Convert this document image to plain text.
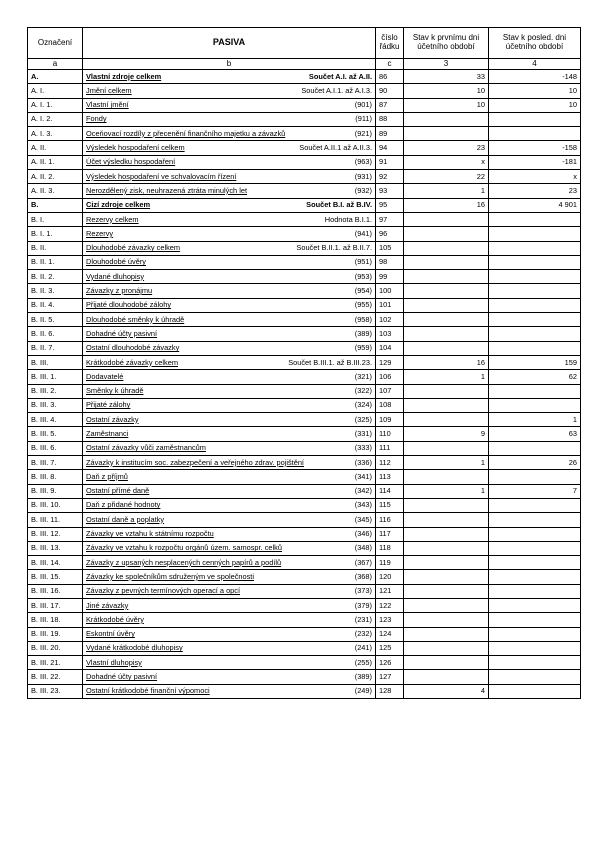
Označení	PASIVA	číslo řádku	Stav k prvnímu dni účetního období	Stav k posled. dni účetního období
a	b	c	3	4
A.	Vlastní zdroje celkem Součet A.I. až A.II.	86	33	-148
A. I.	Jmění celkem Součet A.I.1. až A.I.3.	90	10	10
A. I. 1.	Vlastní jmění (901)	87	10	10
A. I. 2.	Fondy (911)	88		
A. I. 3.	Oceňovací rozdíly z přecenění finančního majetku a závazků (921)	89		
A. II.	Výsledek hospodaření celkem Součet A.II.1 až A.II.3.	94	23	-158
A. II. 1.	Účet výsledku hospodaření (963)	91	x	-181
A. II. 2.	Výsledek hospodaření ve schvalovacím řízení (931)	92	22	x
A. II. 3.	Nerozdělený zisk, neuhrazená ztráta minulých let (932)	93	1	23
B.	Cizí zdroje celkem Součet B.I. až B.IV.	95	16	4 901
B. I.	Rezervy celkem Hodnota B.I.1.	97		
B. I. 1.	Rezervy (941)	96		
B. II.	Dlouhodobé závazky celkem Součet B.II.1. až B.II.7.	105		
B. II. 1.	Dlouhodobé úvěry (951)	98		
B. II. 2.	Vydané dluhopisy (953)	99		
B. II. 3.	Závazky z pronájmu (954)	100		
B. II. 4.	Přijaté dlouhodobé zálohy (955)	101		
B. II. 5.	Dlouhodobé směnky k úhradě (958)	102		
B. II. 6.	Dohadné účty pasivní (389)	103		
B. II. 7.	Ostatní dlouhodobé závazky (959)	104		
B. III.	Krátkodobé závazky celkem Součet B.III.1. až B.III.23.	129	16	159
B. III. 1.	Dodavatelé (321)	106	1	62
B. III. 2.	Směnky k úhradě (322)	107		
B. III. 3.	Přijaté zálohy (324)	108		
B. III. 4.	Ostatní závazky (325)	109		1
B. III. 5.	Zaměstnanci (331)	110	9	63
B. III. 6.	Ostatní závazky vůči zaměstnancům (333)	111		
B. III. 7.	Závazky k institucím soc. zabezpečení a veřejného zdrav. pojištění (336)	112	1	26
B. III. 8.	Daň z příjmů (341)	113		
B. III. 9.	Ostatní přímé daně (342)	114	1	7
B. III. 10.	Daň z přidané hodnoty (343)	115		
B. III. 11.	Ostatní daně a poplatky (345)	116		
B. III. 12.	Závazky ve vztahu k státnímu rozpočtu (346)	117		
B. III. 13.	Závazky ve vztahu k rozpočtu orgánů územ. samospr. celků (348)	118		
B. III. 14.	Závazky z upsaných nesplacených cenných papírů a podílů (367)	119		
B. III. 15.	Závazky ke společníkům sdruženým ve společnosti (368)	120		
B. III. 16.	Závazky z pevných termínových operací a opcí (373)	121		
B. III. 17.	Jiné závazky (379)	122		
B. III. 18.	Krátkodobé úvěry (231)	123		
B. III. 19.	Eskontní úvěry (232)	124		
B. III. 20.	Vydané krátkodobé dluhopisy (241)	125		
B. III. 21.	Vlastní dluhopisy (255)	126		
B. III. 22.	Dohadné účty pasivní (389)	127		
B. III. 23.	Ostatní krátkodobé finanční výpomoci (249)	128	4	
